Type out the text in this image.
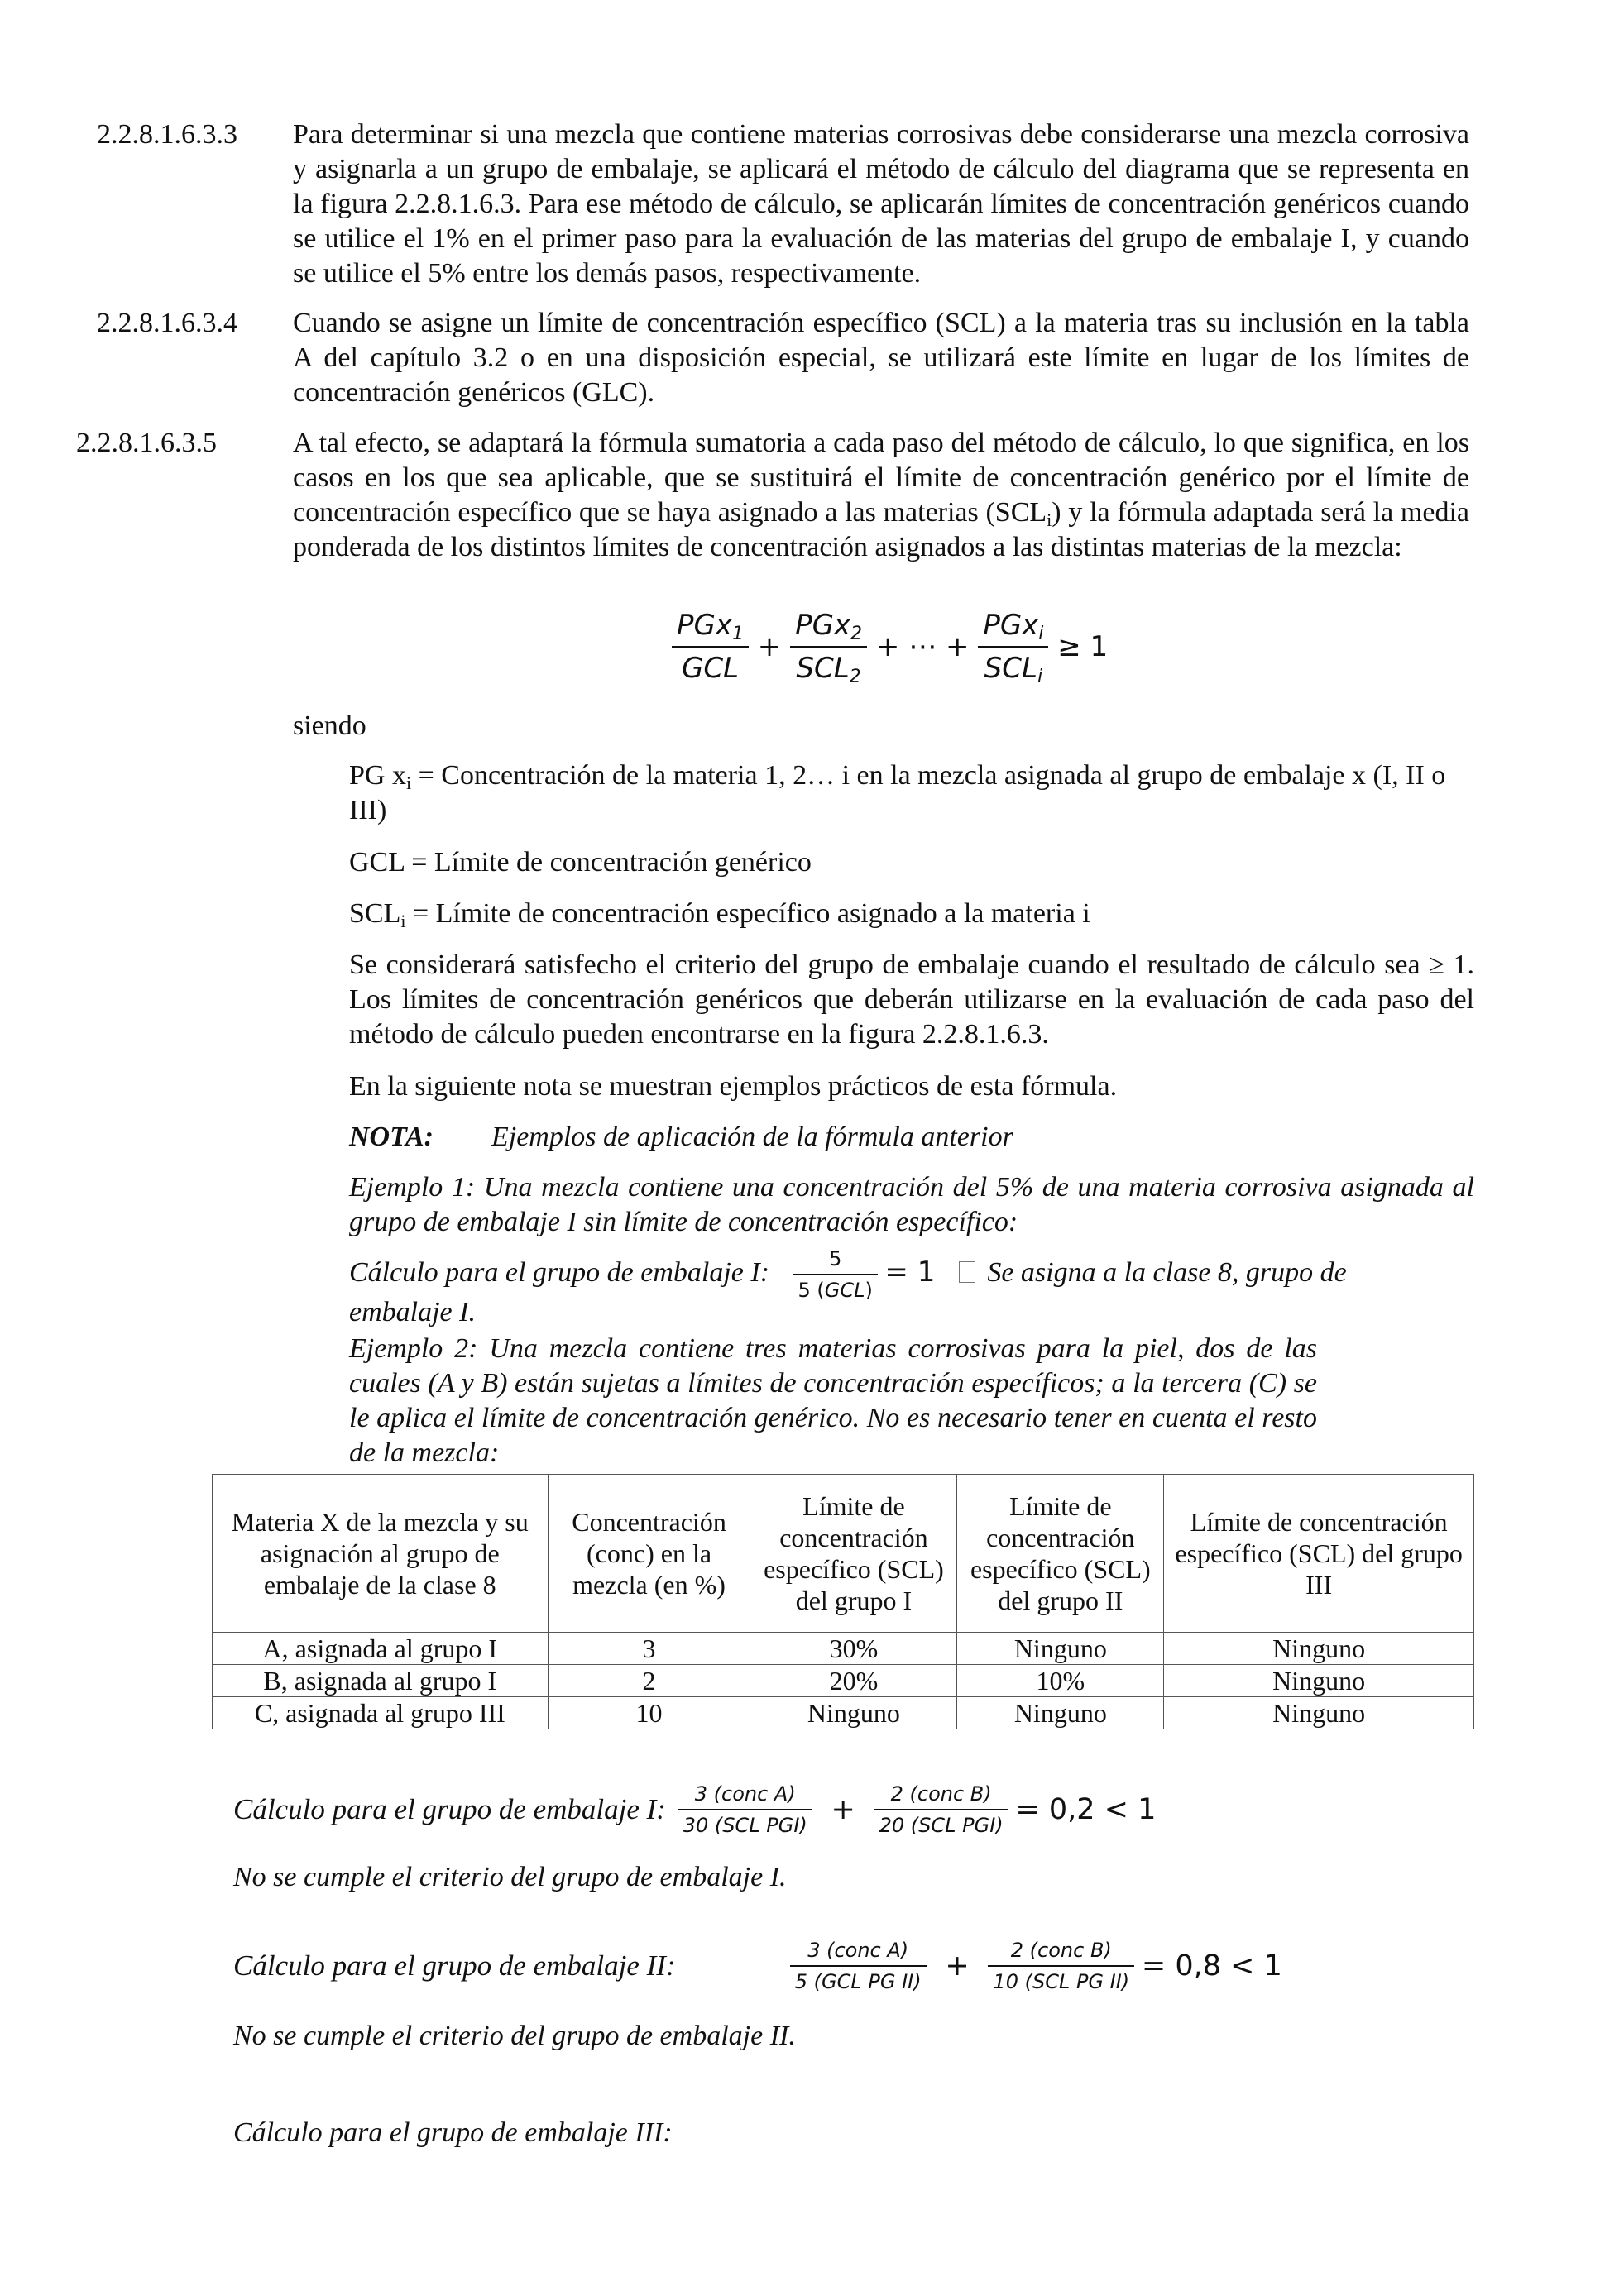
2.2.8.1.6.3.3 Para determinar si una mezcla que contiene materias corrosivas debe considerarse una mezcla corrosiva y asignarla a un grupo de embalaje, se aplicará el método de cálculo del diagrama que se representa en la figura 2.2.8.1.6.3. Para ese método de cálculo, se aplicarán límites de concentración genéricos cuando se utilice el 1% en el primer paso para la evaluación de las materias del grupo de embalaje I, y cuando se utilice el 5% entre los demás pasos, respectivamente.
2.2.8.1.6.3.4 Cuando se asigne un límite de concentración específico (SCL) a la materia tras su inclusión en la tabla A del capítulo 3.2 o en una disposición especial, se utilizará este límite en lugar de los límites de concentración genéricos (GLC).
2.2.8.1.6.3.5	A tal efecto, se adaptará la fórmula sumatoria a cada paso del método de cálculo, lo que significa, en los casos en los que sea aplicable, que se sustituirá el límite de concentración genérico por el límite de concentración específico que se haya asignado a las materias $(SCL_i)$ y la fórmula adaptada será la media ponderada de los distintos límites de concentración asignados a las distintas materias de la mezcla:
$\frac{PGx_1}{\text{GCL}} + \frac{PGx_2}{SCL_2}$ + ⋯ + $\frac{PGx_i}{SCL_i} \ge 1$
siendo
PG $x_i$ = Concentración de la materia 1, 2… i en la mezcla asignada al grupo de embalaje x (I, II o III)
GCL = Límite de concentración genérico
$SCL_i$ = Límite de concentración específico asignado a la materia i
Se considerará satisfecho el criterio del grupo de embalaje cuando el resultado de cálculo sea ≥ 1. Los límites de concentración genéricos que deberán utilizarse en la evaluación de cada paso del método de cálculo pueden encontrarse en la figura 2.2.8.1.6.3.
En la siguiente nota se muestran ejemplos prácticos de esta fórmula.
NOTA: Ejemplos de aplicación de la fórmula anterior
Ejemplo 1: Una mezcla contiene una concentración del 5% de una materia corrosiva asignada al grupo de embalaje I sin límite de concentración específico:
Cálculo para el grupo de embalaje I: $\frac{5}{\text{5 (GCL)}} = 1$ Se asigna a la clase 8, grupo de
embalaje I.
Ejemplo 2: Una mezcla contiene tres materias corrosivas para la piel, dos de las cuales (A y B) están sujetas a límites de concentración específicos; a la tercera (C) se le aplica el límite de concentración genérico. No es necesario tener en cuenta el resto de la mezcla:
Materia X de la mezcla y su asignación al grupo de embalaje de la clase 8	Concentración (conc) en la mezcla (en %)	Límite de concentración específico (SCL) del grupo I	Límite de concentración específico (SCL) del grupo II	Límite de concentración específico (SCL) del grupo III
A, asignada al grupo I	3	30%	Ninguno	Ninguno
B, asignada al grupo I	2	20%	10%	Ninguno
C, asignada al grupo III	10	Ninguno	Ninguno	Ninguno
Cálculo para el grupo de embalaje I: $\frac{\text{3 (conc A)}}{\text{30 (SCL PGI)}} + \frac{\text{2 (conc B)}}{\text{20 (SCL PGI)}} = 0,2 < 1$
No se cumple el criterio del grupo de embalaje I.
Cálculo para el grupo de embalaje II:	$\frac{\text{3 (conc A)}}{\text{5 (GCL PG II)}} + \frac{\text{2 (conc B)}}{\text{10 (SCL PG II)}} = 0,8 < 1$
No se cumple el criterio del grupo de embalaje II.
Cálculo para el grupo de embalaje III:
